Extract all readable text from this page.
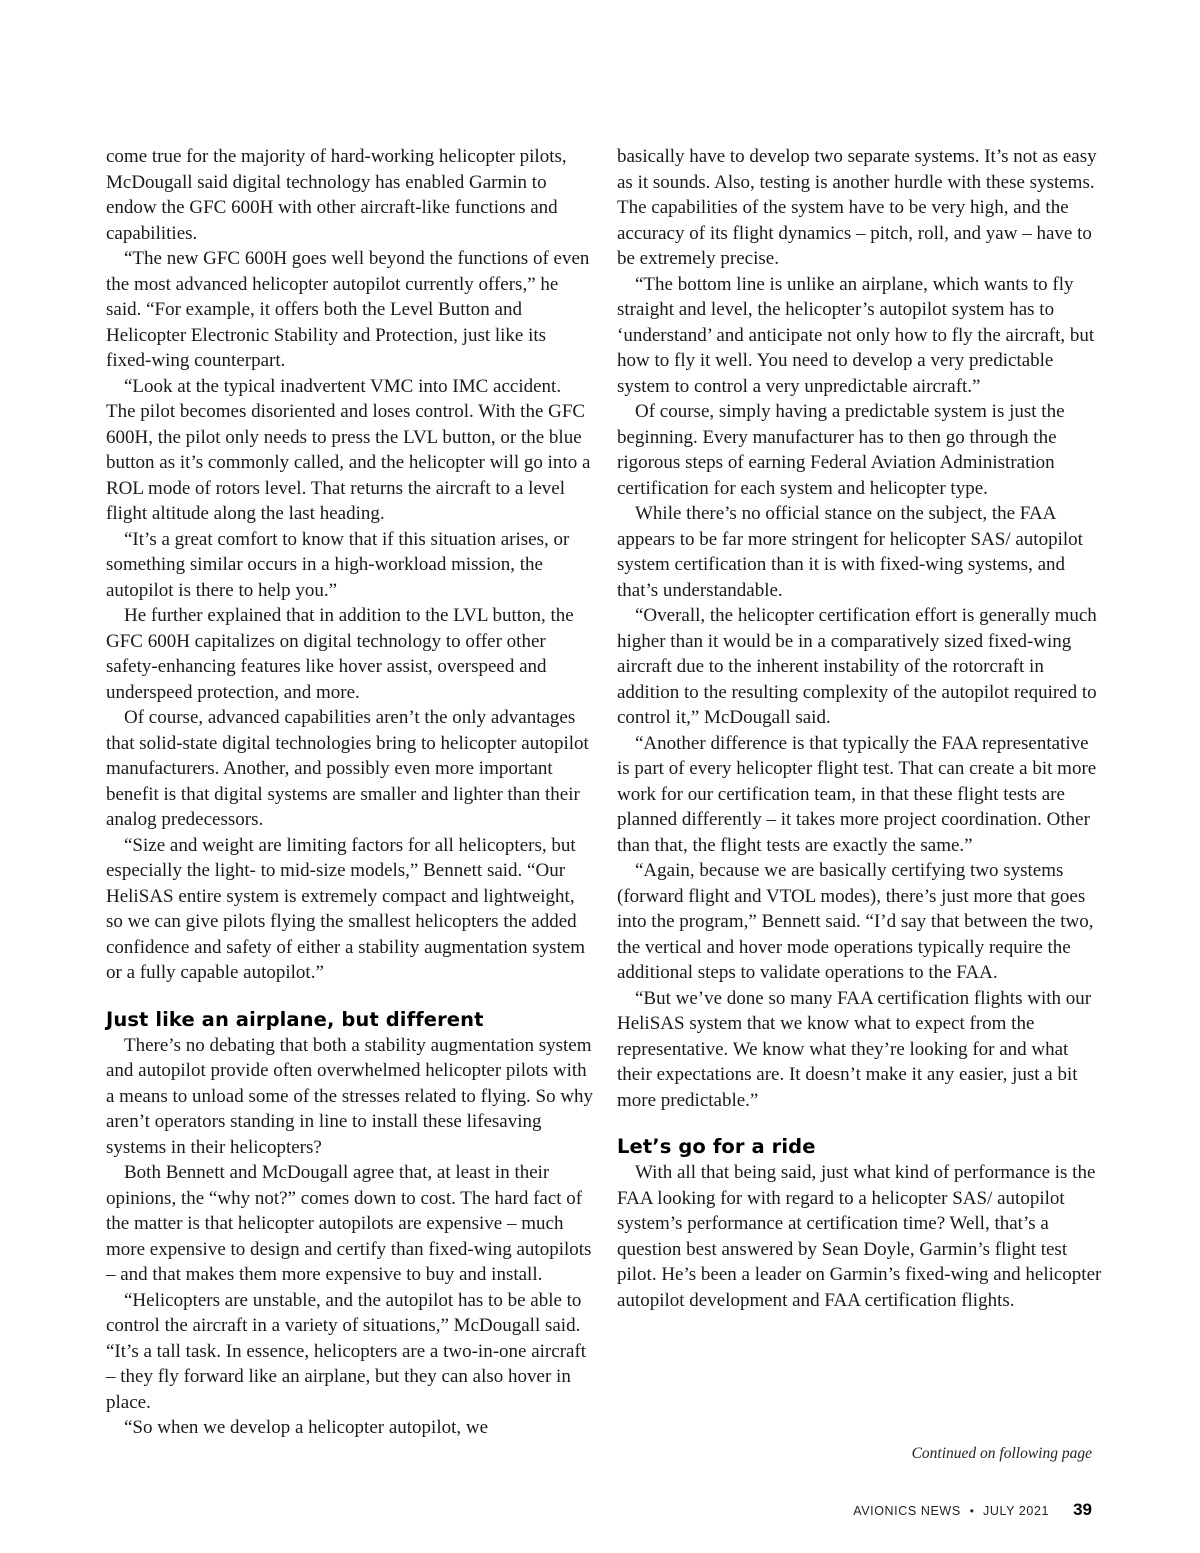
come true for the majority of hard-working helicopter pilots, McDougall said digital technology has enabled Garmin to endow the GFC 600H with other aircraft-like functions and capabilities.

“The new GFC 600H goes well beyond the functions of even the most advanced helicopter autopilot currently offers,” he said. “For example, it offers both the Level Button and Helicopter Electronic Stability and Protection, just like its fixed-wing counterpart.

“Look at the typical inadvertent VMC into IMC accident. The pilot becomes disoriented and loses control. With the GFC 600H, the pilot only needs to press the LVL button, or the blue button as it’s commonly called, and the helicopter will go into a ROL mode of rotors level. That returns the aircraft to a level flight altitude along the last heading.

“It’s a great comfort to know that if this situation arises, or something similar occurs in a high-workload mission, the autopilot is there to help you.”

He further explained that in addition to the LVL button, the GFC 600H capitalizes on digital technology to offer other safety-enhancing features like hover assist, overspeed and underspeed protection, and more.

Of course, advanced capabilities aren’t the only advantages that solid-state digital technologies bring to helicopter autopilot manufacturers. Another, and possibly even more important benefit is that digital systems are smaller and lighter than their analog predecessors.

“Size and weight are limiting factors for all helicopters, but especially the light- to mid-size models,” Bennett said. “Our HeliSAS entire system is extremely compact and lightweight, so we can give pilots flying the smallest helicopters the added confidence and safety of either a stability augmentation system or a fully capable autopilot.”

Just like an airplane, but different

There’s no debating that both a stability augmentation system and autopilot provide often overwhelmed helicopter pilots with a means to unload some of the stresses related to flying. So why aren’t operators standing in line to install these lifesaving systems in their helicopters?

Both Bennett and McDougall agree that, at least in their opinions, the “why not?” comes down to cost. The hard fact of the matter is that helicopter autopilots are expensive – much more expensive to design and certify than fixed-wing autopilots – and that makes them more expensive to buy and install.

“Helicopters are unstable, and the autopilot has to be able to control the aircraft in a variety of situations,” McDougall said. “It’s a tall task. In essence, helicopters are a two-in-one aircraft – they fly forward like an airplane, but they can also hover in place.

“So when we develop a helicopter autopilot, we

basically have to develop two separate systems. It’s not as easy as it sounds. Also, testing is another hurdle with these systems. The capabilities of the system have to be very high, and the accuracy of its flight dynamics – pitch, roll, and yaw – have to be extremely precise.

“The bottom line is unlike an airplane, which wants to fly straight and level, the helicopter’s autopilot system has to ‘understand’ and anticipate not only how to fly the aircraft, but how to fly it well. You need to develop a very predictable system to control a very unpredictable aircraft.”

Of course, simply having a predictable system is just the beginning. Every manufacturer has to then go through the rigorous steps of earning Federal Aviation Administration certification for each system and helicopter type.

While there’s no official stance on the subject, the FAA appears to be far more stringent for helicopter SAS/ autopilot system certification than it is with fixed-wing systems, and that’s understandable.

“Overall, the helicopter certification effort is generally much higher than it would be in a comparatively sized fixed-wing aircraft due to the inherent instability of the rotorcraft in addition to the resulting complexity of the autopilot required to control it,” McDougall said.

“Another difference is that typically the FAA representative is part of every helicopter flight test. That can create a bit more work for our certification team, in that these flight tests are planned differently – it takes more project coordination. Other than that, the flight tests are exactly the same.”

“Again, because we are basically certifying two systems (forward flight and VTOL modes), there’s just more that goes into the program,” Bennett said. “I’d say that between the two, the vertical and hover mode operations typically require the additional steps to validate operations to the FAA.

“But we’ve done so many FAA certification flights with our HeliSAS system that we know what to expect from the representative. We know what they’re looking for and what their expectations are. It doesn’t make it any easier, just a bit more predictable.”

Let’s go for a ride

With all that being said, just what kind of performance is the FAA looking for with regard to a helicopter SAS/ autopilot system’s performance at certification time? Well, that’s a question best answered by Sean Doyle, Garmin’s flight test pilot. He’s been a leader on Garmin’s fixed-wing and helicopter autopilot development and FAA certification flights.

Continued on following page
AVIONICS NEWS • JULY 2021 39
